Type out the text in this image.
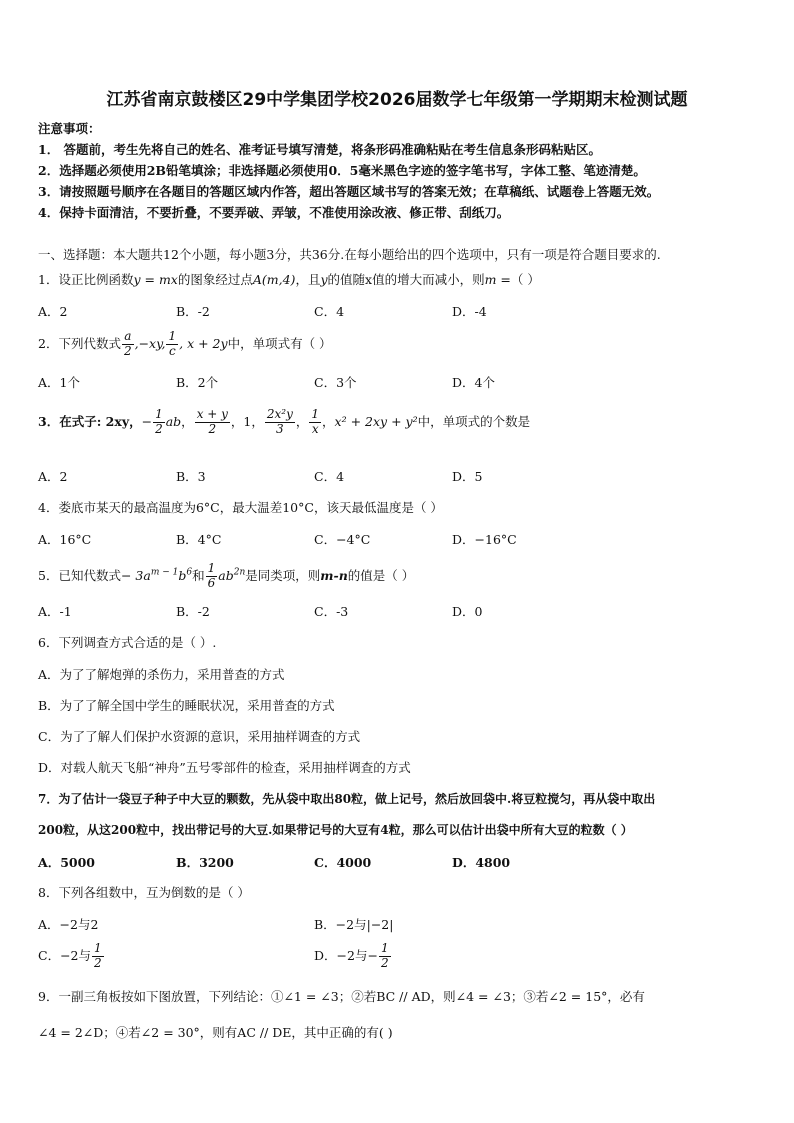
江苏省南京鼓楼区29中学集团学校2026届数学七年级第一学期期末检测试题
注意事项：
1． 答题前，考生先将自己的姓名、准考证号填写清楚，将条形码准确粘贴在考生信息条形码粘贴区。
2．选择题必须使用2B铅笔填涂；非选择题必须使用0．5毫米黑色字迹的签字笔书写，字体工整、笔迹清楚。
3．请按照题号顺序在各题目的答题区域内作答，超出答题区域书写的答案无效；在草稿纸、试题卷上答题无效。
4．保持卡面清洁，不要折叠，不要弄破、弄皱，不准使用涂改液、修正带、刮纸刀。
一、选择题：本大题共12个小题，每小题3分，共36分.在每小题给出的四个选项中，只有一项是符合题目要求的.
1．设正比例函数y = mx的图象经过点A(m,4)，且y的值随x值的增大而减小，则m =（ ）
A．2	B．-2	C．4	D．-4
2．下列代数式 $\frac{a}{2} ,-xy$, $\frac{1}{c}$ , x + 2y中，单项式有（ ）
A．1个	B．2个	C．3个	D．4个
3．在式子: 2xy，− $\frac{1}{2}$ ab， $\frac{x + y}{2}$ ，1， $\frac{\text{2x²y}}{3}$ ， $\frac{1}{x}$ ，x² + 2xy + y²中，单项式的个数是
A．2	B．3	C．4	D．5
4．娄底市某天的最高温度为6°C，最大温差10°C，该天最低温度是（ ）
A．16°C	B．4°C	C．−4°C	D．−16°C
5．已知代数式− $3a^{m - 1}b^6$和 $\frac{1}{6} ab^{2n}$是同类项，则m-n的值是（ ）
A．-1	B．-2	C．-3	D．0
6．下列调查方式合适的是（ ）.
A．为了了解炮弹的杀伤力，采用普查的方式
B．为了了解全国中学生的睡眠状况，采用普查的方式
C．为了了解人们保护水资源的意识，采用抽样调查的方式
D．对载人航天飞船“神舟”五号零部件的检查，采用抽样调查的方式
7．为了估计一袋豆子种子中大豆的颗数，先从袋中取出80粒，做上记号，然后放回袋中.将豆粒搅匀，再从袋中取出
200粒，从这200粒中，找出带记号的大豆.如果带记号的大豆有4粒，那么可以估计出袋中所有大豆的粒数（ ）
A．5000	B．3200	C．4000	D．4800
8．下列各组数中，互为倒数的是（ ）
A．−2与2	B．−2与|−2|
C．−2与 $\frac{1}{2}$	D．−2与− $\frac{1}{2}$
9．一副三角板按如下图放置，下列结论：①∠1 = ∠3；②若BC // AD，则∠4 = ∠3；③若∠2 = 15°，必有
∠4 = 2∠D；④若∠2 = 30°，则有AC // DE，其中正确的有( )
